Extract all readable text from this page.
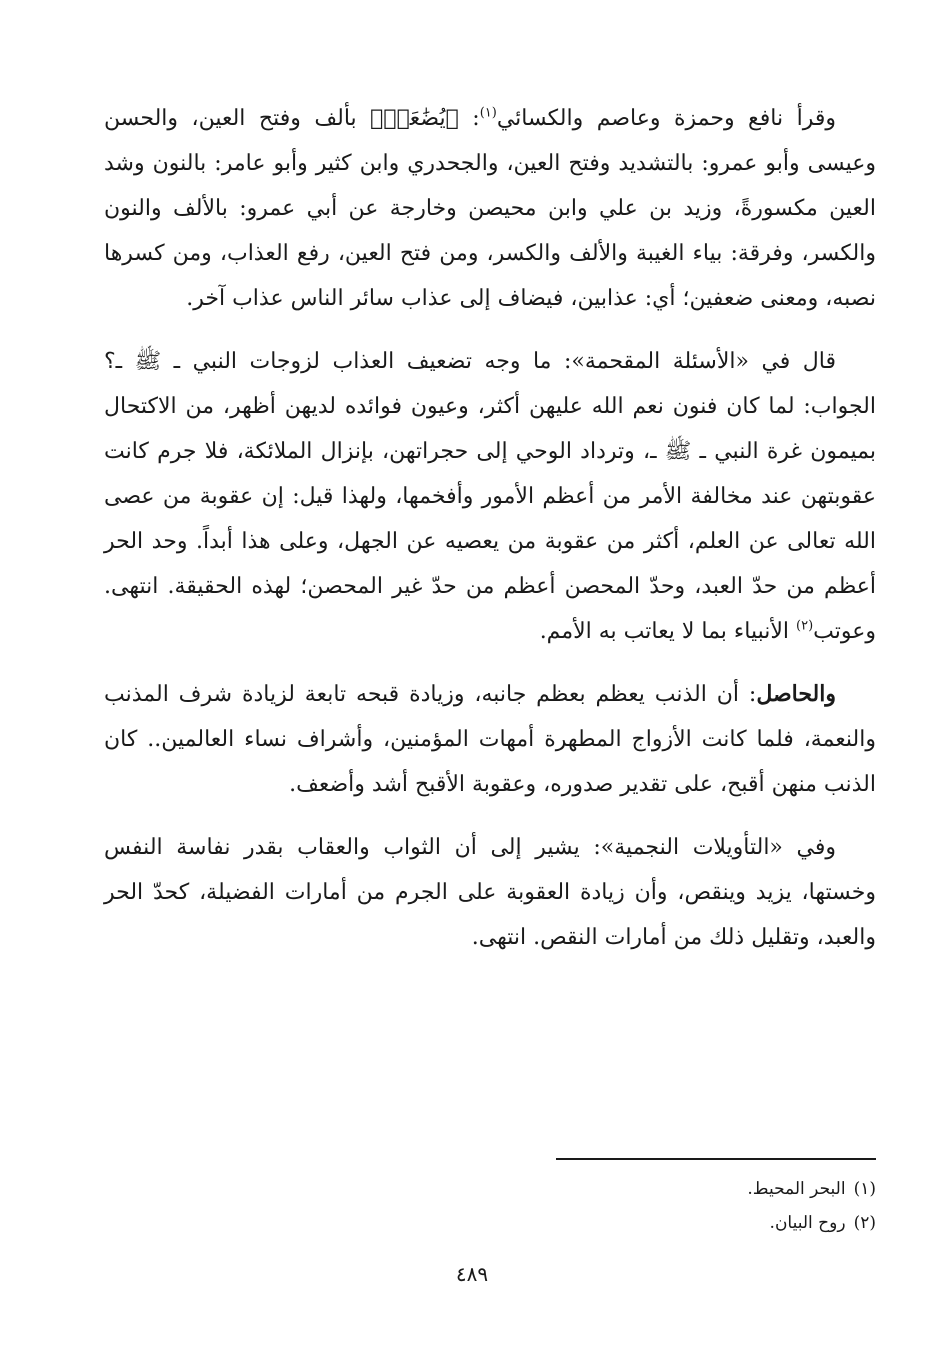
وقرأ نافع وحمزة وعاصم والكسائي$^{(١)}$: ﴿يُضَٰعَفۡ﴾ بألف وفتح العين، والحسن وعيسى وأبو عمرو: بالتشديد وفتح العين، والجحدري وابن كثير وأبو عامر: بالنون وشد العين مكسورةً، وزيد بن علي وابن محيصن وخارجة عن أبي عمرو: بالألف والنون والكسر، وفرقة: بياء الغيبة والألف والكسر، ومن فتح العين، رفع العذاب، ومن كسرها نصبه، ومعنى ضعفين؛ أي: عذابين، فيضاف إلى عذاب سائر الناس عذاب آخر.

قال في «الأسئلة المقحمة»: ما وجه تضعيف العذاب لزوجات النبي ـ ﷺ ـ؟ الجواب: لما كان فنون نعم الله عليهن أكثر، وعيون فوائده لديهن أظهر، من الاكتحال بميمون غرة النبي ـ ﷺ ـ، وترداد الوحي إلى حجراتهن، بإنزال الملائكة، فلا جرم كانت عقوبتهن عند مخالفة الأمر من أعظم الأمور وأفخمها، ولهذا قيل: إن عقوبة من عصى الله تعالى عن العلم، أكثر من عقوبة من يعصيه عن الجهل، وعلى هذا أبداً. وحد الحر أعظم من حدّ العبد، وحدّ المحصن أعظم من حدّ غير المحصن؛ لهذه الحقيقة. انتهى. وعوتب$^{(٢)}$ الأنبياء بما لا يعاتب به الأمم.

والحاصل: أن الذنب يعظم بعظم جانبه، وزيادة قبحه تابعة لزيادة شرف المذنب والنعمة، فلما كانت الأزواج المطهرة أمهات المؤمنين، وأشراف نساء العالمين.. كان الذنب منهن أقبح، على تقدير صدوره، وعقوبة الأقبح أشد وأضعف.

وفي «التأويلات النجمية»: يشير إلى أن الثواب والعقاب بقدر نفاسة النفس وخستها، يزيد وينقص، وأن زيادة العقوبة على الجرم من أمارات الفضيلة، كحدّ الحر والعبد، وتقليل ذلك من أمارات النقص. انتهى.

(١)البحر المحيط.

(٢)روح البيان.

٤٨٩
